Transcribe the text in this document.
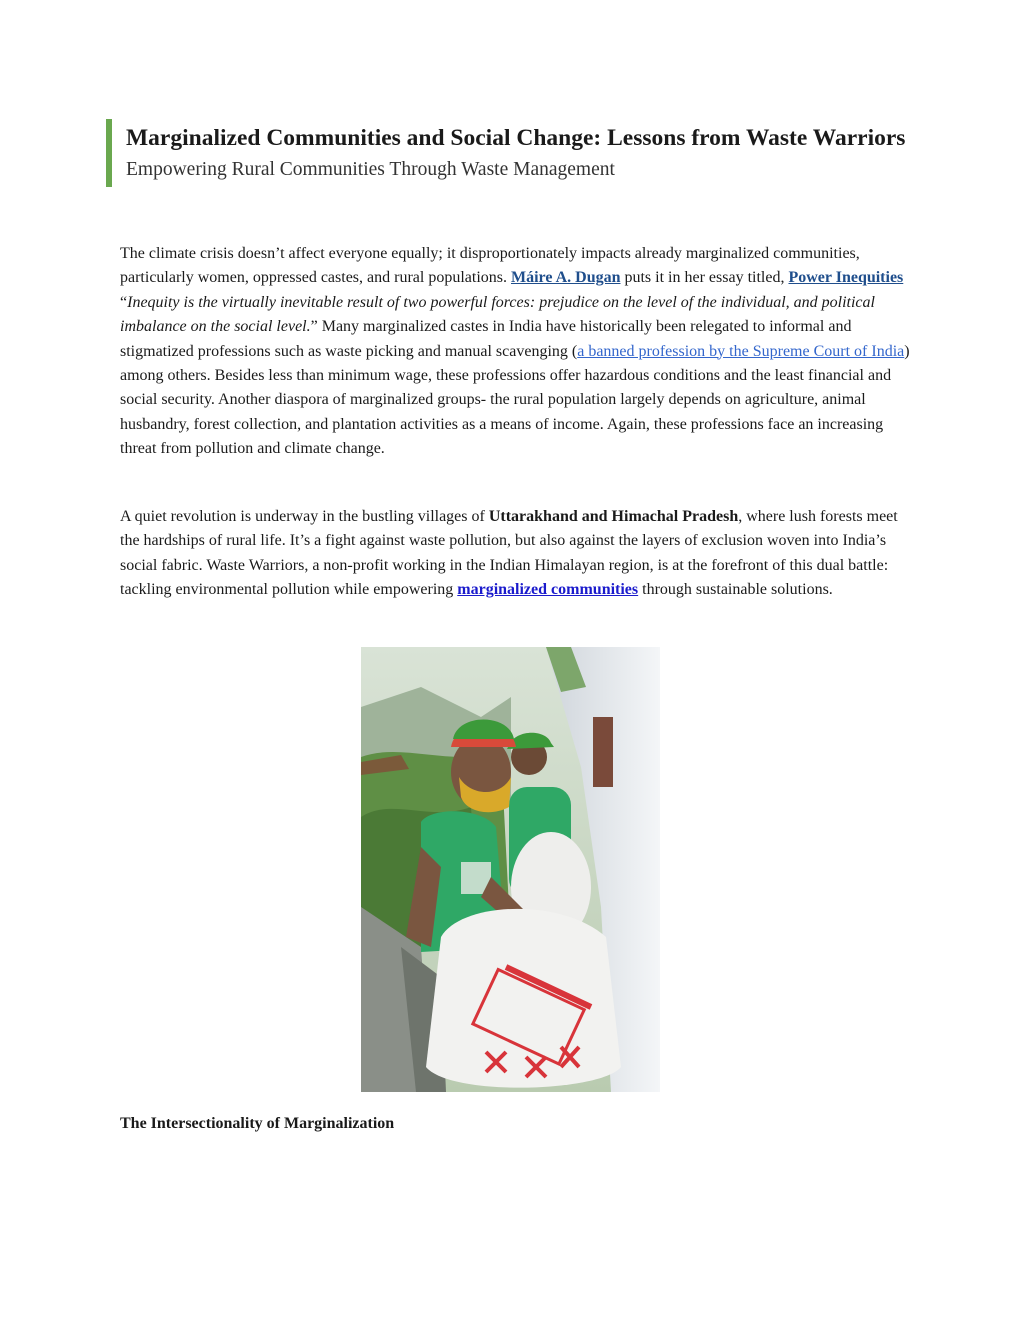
Marginalized Communities and Social Change: Lessons from Waste Warriors

Empowering Rural Communities Through Waste Management

The climate crisis doesn’t affect everyone equally; it disproportionately impacts already marginalized communities, particularly women, oppressed castes, and rural populations. Máire A. Dugan puts it in her essay titled, Power Inequities “Inequity is the virtually inevitable result of two powerful forces: prejudice on the level of the individual, and political imbalance on the social level.” Many marginalized castes in India have historically been relegated to informal and stigmatized professions such as waste picking and manual scavenging (a banned profession by the Supreme Court of India) among others. Besides less than minimum wage, these professions offer hazardous conditions and the least financial and social security. Another diaspora of marginalized groups- the rural population largely depends on agriculture, animal husbandry, forest collection, and plantation activities as a means of income. Again, these professions face an increasing threat from pollution and climate change.

A quiet revolution is underway in the bustling villages of Uttarakhand and Himachal Pradesh, where lush forests meet the hardships of rural life. It’s a fight against waste pollution, but also against the layers of exclusion woven into India’s social fabric. Waste Warriors, a non-profit working in the Indian Himalayan region, is at the forefront of this dual battle: tackling environmental pollution while empowering marginalized communities through sustainable solutions.

The Intersectionality of Marginalization
